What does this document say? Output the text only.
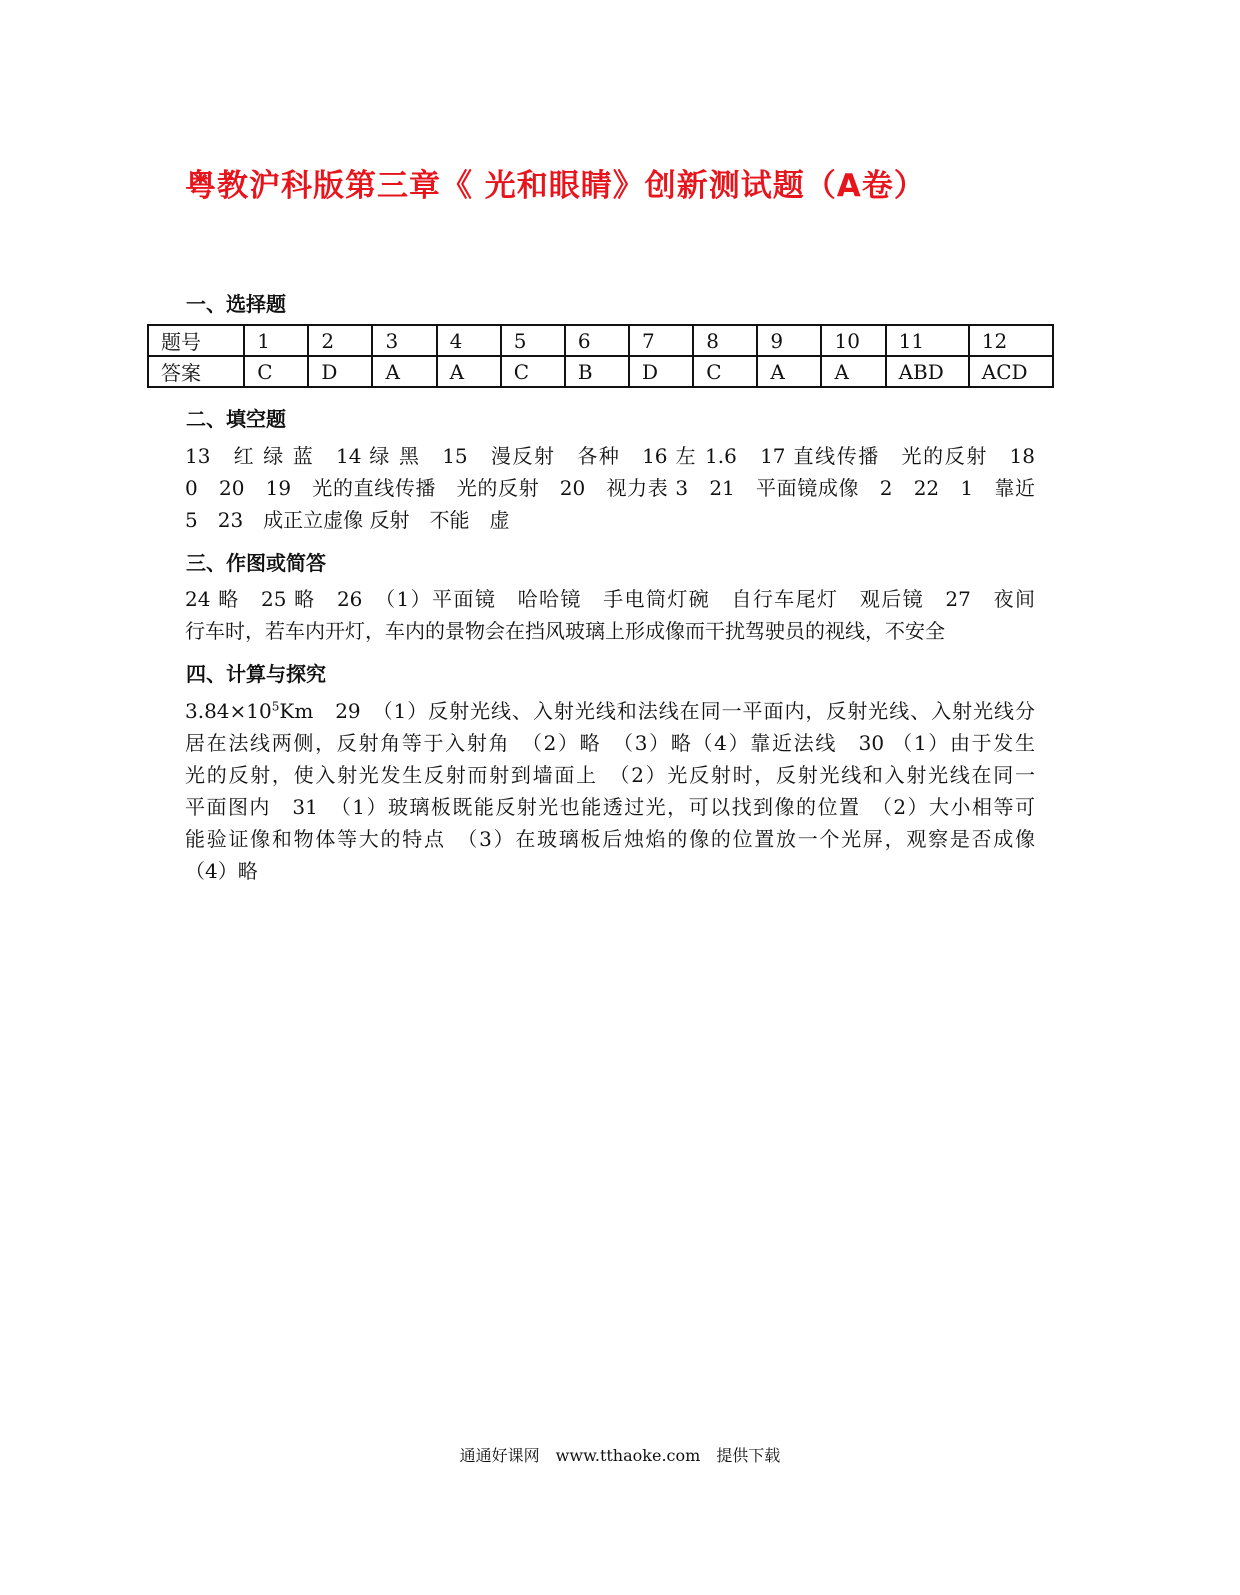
粤教沪科版第三章《 光和眼睛》创新测试题（A卷）
一、选择题
题号	1	2	3	4	5	6	7	8	9	10	11	12
答案	C	D	A	A	C	B	D	C	A	A	ABD	ACD
二、填空题
13　红 绿 蓝　14 绿 黑　15　漫反射　各种　16 左 1.6　17 直线传播　光的反射　18
0　20　19　光的直线传播　光的反射　20　视力表 3　21　平面镜成像　2　22　1　靠近
5　23　成正立虚像 反射　不能　虚
三、作图或简答
24 略　25 略　26　（1）平面镜　哈哈镜　手电筒灯碗　自行车尾灯　观后镜　27　夜间
行车时，若车内开灯，车内的景物会在挡风玻璃上形成像而干扰驾驶员的视线，不安全
四、计算与探究
$3.84\times 10^5Km$　29　（1）反射光线、入射光线和法线在同一平面内，反射光线、入射光线分
居在法线两侧，反射角等于入射角　（2）略　（3）略（4）靠近法线　30 （1）由于发生
光的反射，使入射光发生反射而射到墙面上　（2）光反射时，反射光线和入射光线在同一
平面图内　31　（1）玻璃板既能反射光也能透过光，可以找到像的位置　（2）大小相等可
能验证像和物体等大的特点　（3）在玻璃板后烛焰的像的位置放一个光屏，观察是否成像
（4）略
通通好课网　www.tthaoke.com　提供下载
